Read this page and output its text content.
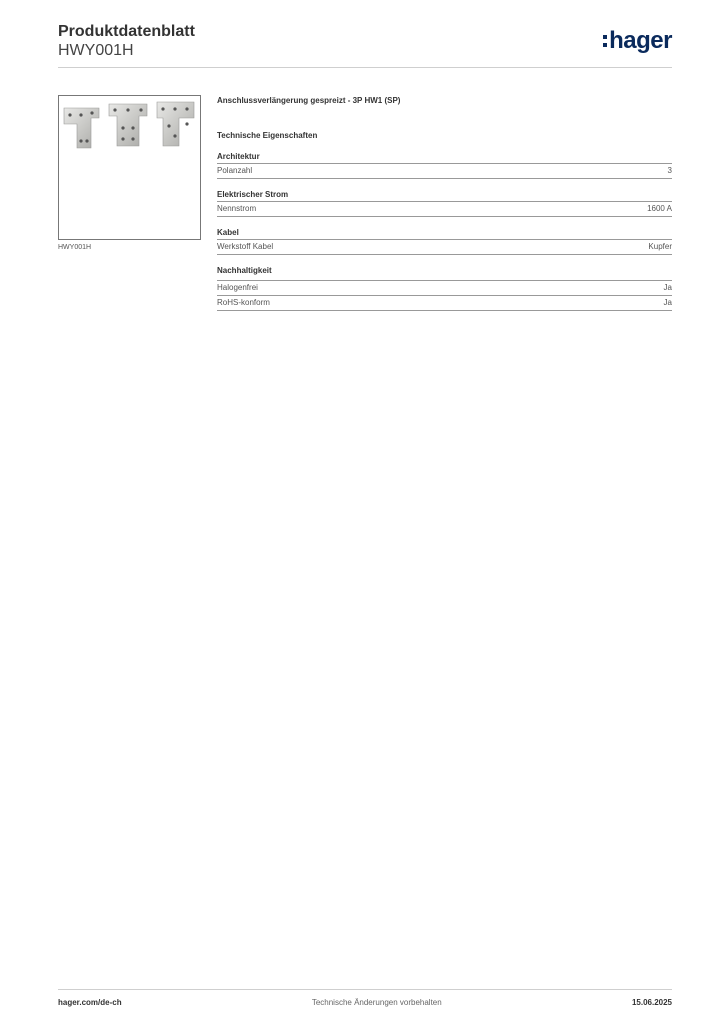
Produktdatenblatt
HWY001H	hager
HWY001H
Anschlussverlängerung gespreizt - 3P HW1 (SP)
Technische Eigenschaften
Architektur
Polanzahl	3
Elektrischer Strom
Nennstrom	1600 A
Kabel
Werkstoff Kabel	Kupfer
Nachhaltigkeit
Halogenfrei	Ja
RoHS-konform	Ja
hager.com/de-ch	Technische Änderungen vorbehalten	15.06.2025
